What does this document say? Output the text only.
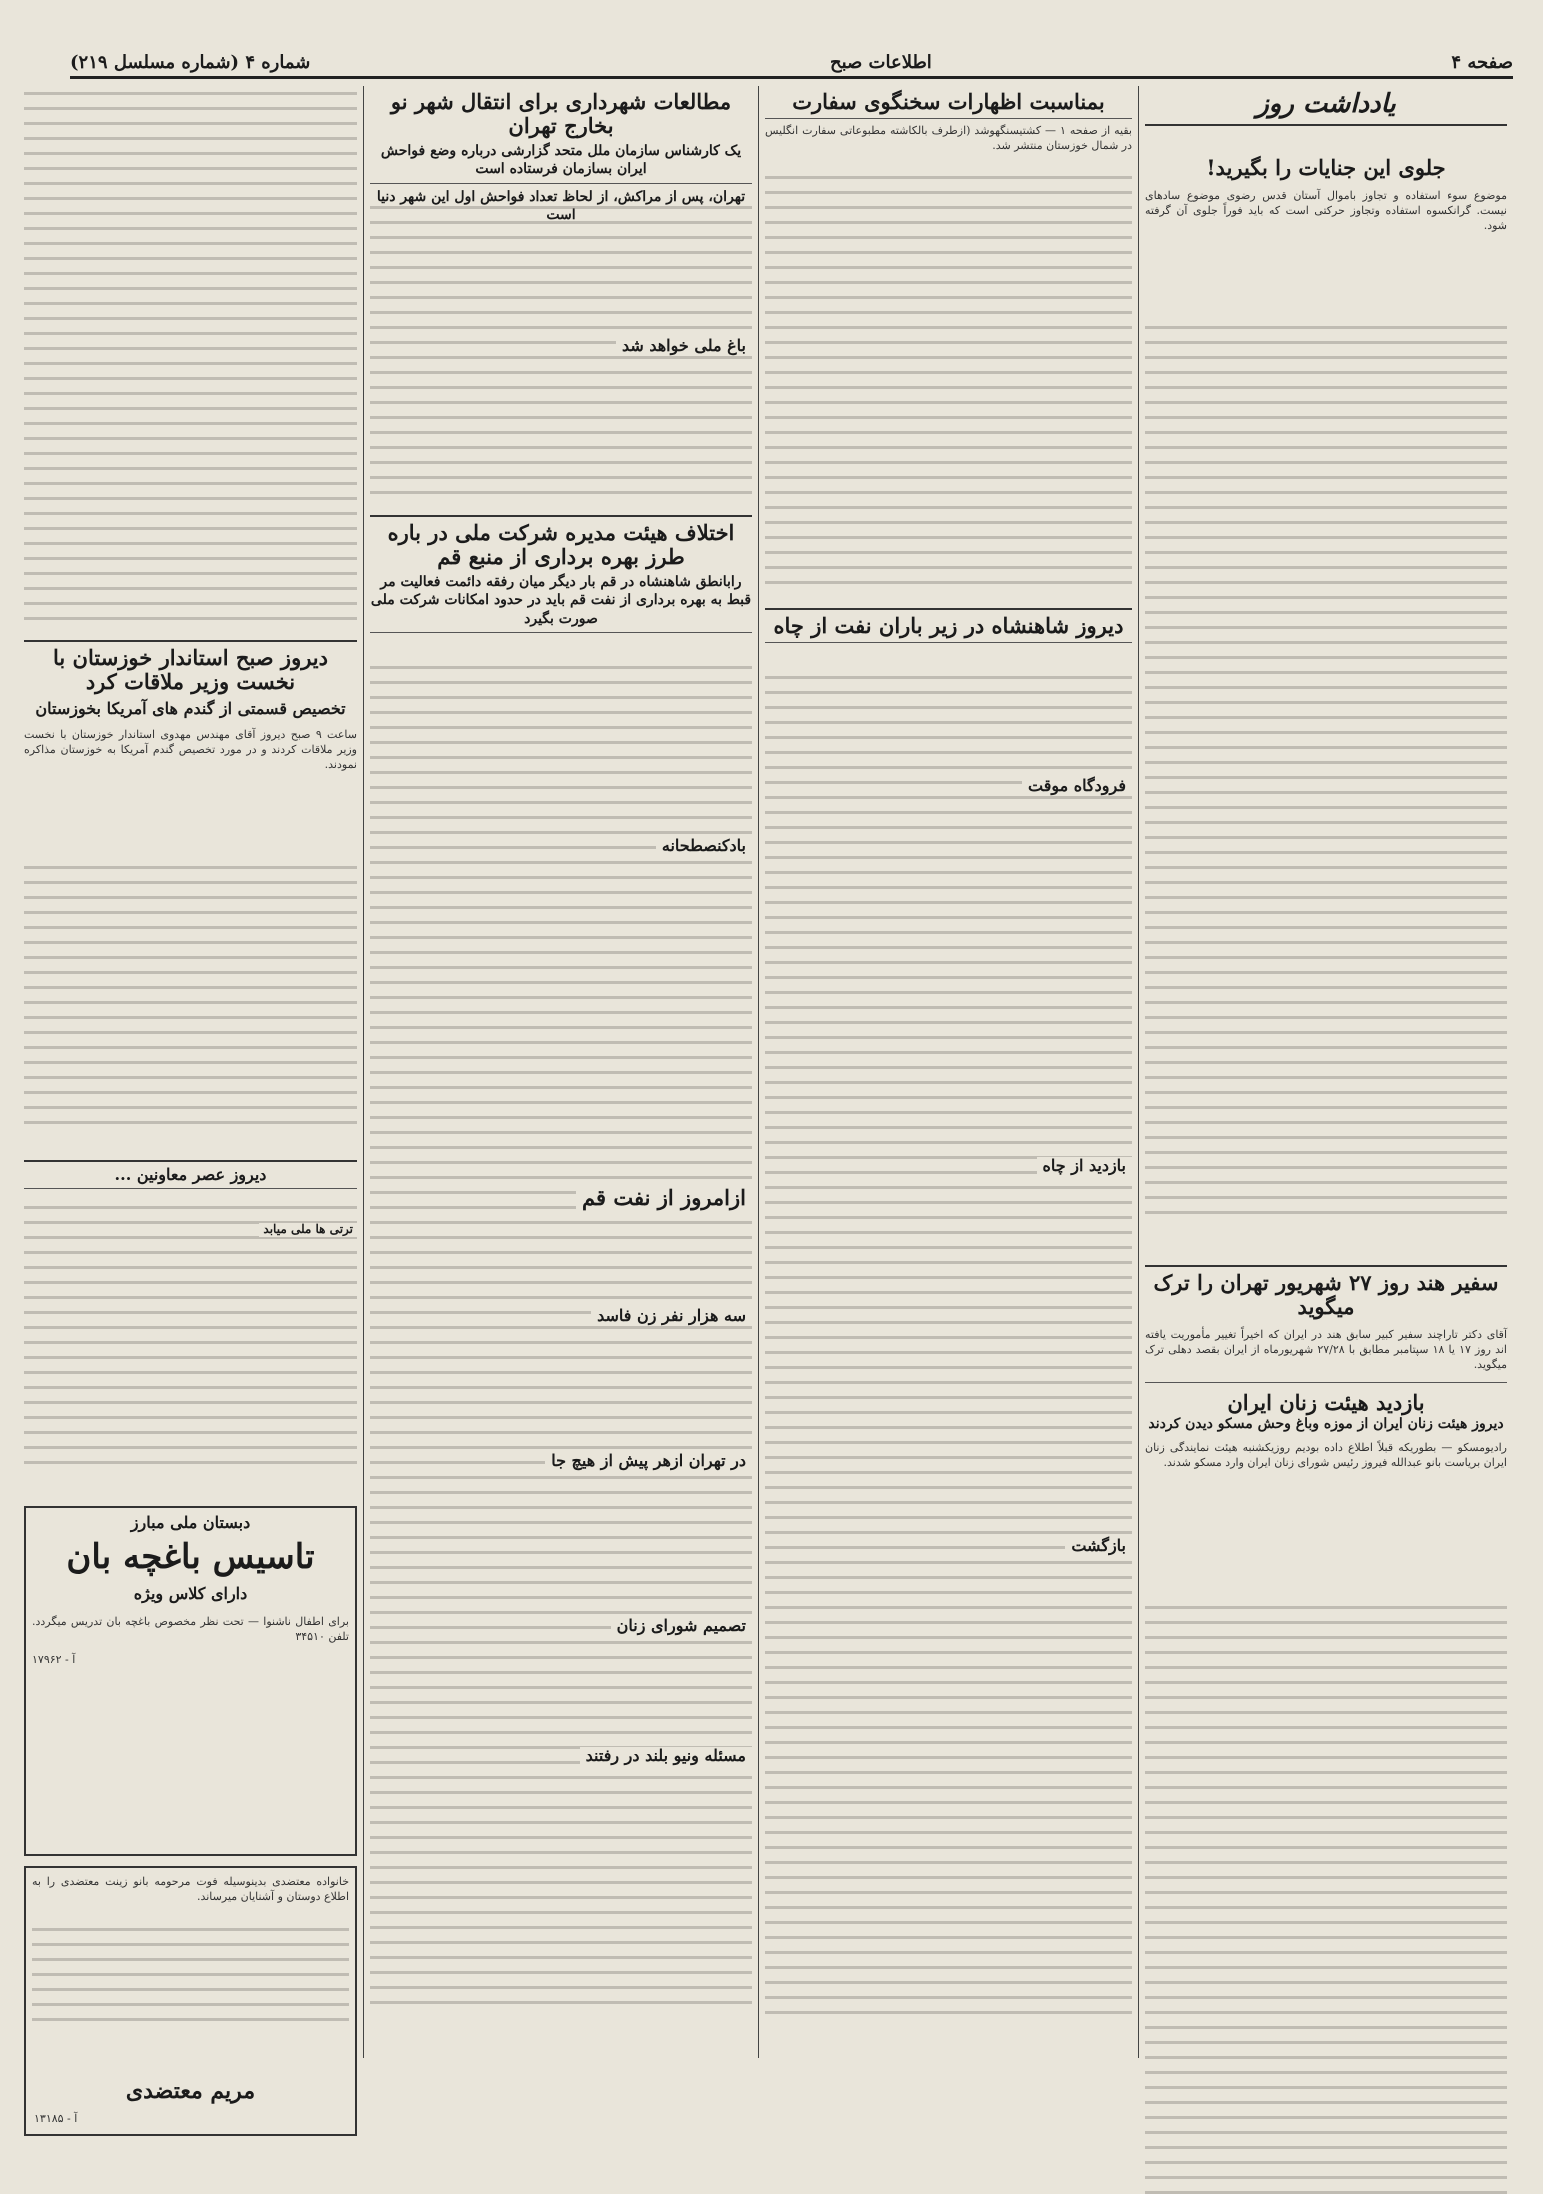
صفحه ۴
اطلاعات صبح
شماره ۴ (شماره مسلسل ۲۱۹)
یادداشت روز
جلوی این جنایات را بگیرید!
موضوع سوء استفاده و تجاوز باموال آستان قدس رضوی موضوع سادهای نیست. گرانکسوه استفاده وتجاوز حرکتی است که باید فوراً جلوی آن گرفته شود.
سفیر هند روز ۲۷ شهریور تهران را ترک میگوید
آقای دکتر تاراچند سفیر کبیر سابق هند در ایران که اخیراً تغییر مأموریت یافته اند روز ۱۷ یا ۱۸ سپتامبر مطابق با ۲۷/۲۸ شهریورماه از ایران بقصد دهلی ترک میگوید.
بازدید هیئت زنان ایران
دیروز هیئت زنان ایران از موزه وباغ وحش مسکو دیدن کردند
رادیومسکو — بطوریکه قبلاً اطلاع داده بودیم روزیکشنبه هیئت نمایندگی زنان ایران بریاست بانو عبدالله فیروز رئیس شورای زنان ایران وارد مسکو شدند.
بمناسبت اظهارات سخنگوی سفارت
بقیه از صفحه ۱ — کشتیسنگهوشد (ازطرف بالکاشته مطبوعاتی سفارت انگلیس در شمال خوزستان منتشر شد.
دیروز شاهنشاه در زیر باران نفت از چاه
فرودگاه موقت
بازدید از چاه
بازگشت
مطالعات شهرداری برای انتقال شهر نو بخارج تهران
یک کارشناس سازمان ملل متحد گزارشی درباره وضع فواحش ایران بسازمان فرستاده است
تهران، پس از مراکش، از لحاظ تعداد فواحش اول این شهر دنیا است
باغ ملی خواهد شد
اختلاف هیئت مدیره شرکت ملی در باره طرز بهره برداری از منبع قم
رابانطق شاهنشاه در قم بار دیگر میان رفقه دائمت فعالیت مر قبط به بهره برداری از نفت قم باید در حدود امکانات شرکت ملی صورت بگیرد
ازامروز از نفت قم
سه هزار نفر زن فاسد
در تهران ازهر پیش از هیچ جا
تصمیم شورای زنان
مسئله ونیو بلند در رفتند
بادکنصطحانه
دیروز صبح استاندار خوزستان با نخست وزیر ملاقات کرد
تخصیص قسمتی از گندم های آمریکا بخوزستان
ساعت ۹ صبح دیروز آقای مهندس مهدوی استاندار خوزستان با نخست وزیر ملاقات کردند و در مورد تخصیص گندم آمریکا به خوزستان مذاکره نمودند.
دیروز عصر معاونین ...
ترتی ها ملی میابد
دبستان ملی مبارز
تاسیس باغچه بان
دارای کلاس ویژه
برای اطفال ناشنوا — تحت نظر مخصوص باغچه بان تدریس میگردد. تلفن ۳۴۵۱۰
آ - ۱۷۹۶۲
خانواده معتضدی بدینوسیله فوت مرحومه بانو زینت معتضدی را به اطلاع دوستان و آشنایان میرساند.
مریم معتضدی
آ - ۱۳۱۸۵
